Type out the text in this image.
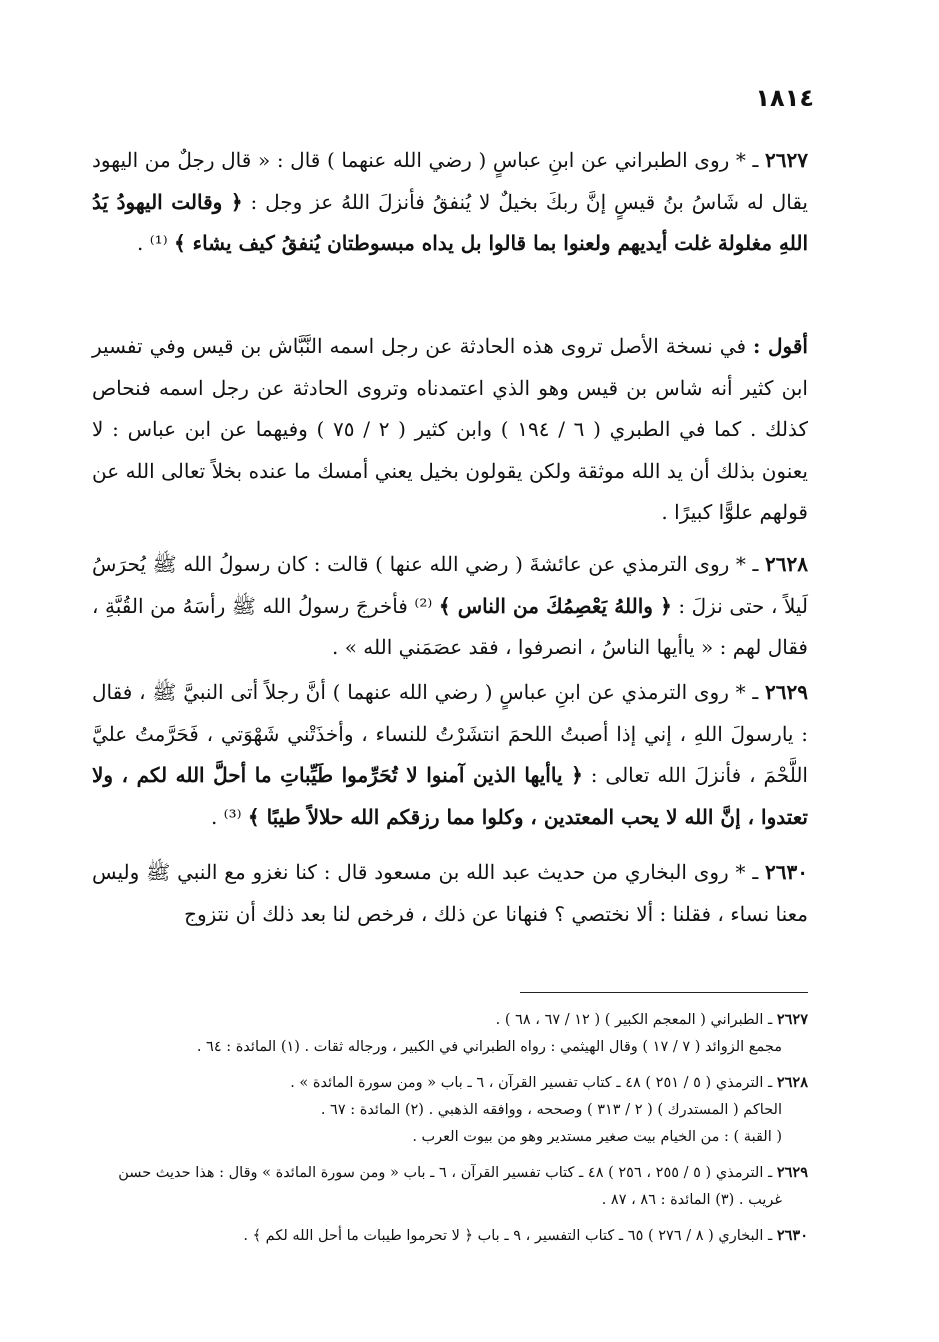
١٨١٤

٢٦٢٧ ـ * روى الطبراني عن ابنِ عباسٍ ( رضي الله عنهما ) قال : « قال رجلٌ من اليهود يقال له شَاسُ بنُ قيسٍ إنَّ ربكَ بخيلٌ لا يُنفقُ فأنزلَ اللهُ عز وجل : ﴿ وقالت اليهودُ يَدُ اللهِ مغلولة غلت أيديهم ولعنوا بما قالوا بل يداه مبسوطتان يُنفقُ كيف يشاء ﴾ ⁽¹⁾ .

أقول : في نسخة الأصل تروى هذه الحادثة عن رجل اسمه النَّبَّاش بن قيس وفي تفسير ابن كثير أنه شاس بن قيس وهو الذي اعتمدناه وتروى الحادثة عن رجل اسمه فنحاص كذلك . كما في الطبري ( ٦ / ١٩٤ ) وابن كثير ( ٢ / ٧٥ ) وفيهما عن ابن عباس : لا يعنون بذلك أن يد الله موثقة ولكن يقولون بخيل يعني أمسك ما عنده بخلاً تعالى الله عن قولهم علوًّا كبيرًا .

٢٦٢٨ ـ * روى الترمذي عن عائشةَ ( رضي الله عنها ) قالت : كان رسولُ الله ﷺ يُحرَسُ لَيلاً ، حتى نزلَ : ﴿ واللهُ يَعْصِمُكَ من الناس ﴾ ⁽²⁾ فأخرجَ رسولُ الله ﷺ رأسَهُ من القُبَّةِ ، فقال لهم : « ياأيها الناسُ ، انصرفوا ، فقد عصَمَني الله » .

٢٦٢٩ ـ * روى الترمذي عن ابنِ عباسٍ ( رضي الله عنهما ) أنَّ رجلاً أتى النبيَّ ﷺ ، فقال : يارسولَ اللهِ ، إني إذا أصبتُ اللحمَ انتشَرْتُ للنساء ، وأخذَتْني شَهْوَتي ، فَحَرَّمتُ عليَّ اللَّحْمَ ، فأنزلَ الله تعالى : ﴿ ياأيها الذين آمنوا لا تُحَرِّموا طَيِّباتِ ما أحلَّ الله لكم ، ولا تعتدوا ، إنَّ الله لا يحب المعتدين ، وكلوا مما رزقكم الله حلالاً طيبًا ﴾ ⁽³⁾ .

٢٦٣٠ ـ * روى البخاري من حديث عبد الله بن مسعود قال : كنا نغزو مع النبي ﷺ وليس معنا نساء ، فقلنا : ألا نختصي ؟ فنهانا عن ذلك ، فرخص لنا بعد ذلك أن نتزوج

٢٦٢٧ ـ الطبراني ( المعجم الكبير ) ( ١٢ / ٦٧ ، ٦٨ ) .
مجمع الزوائد ( ٧ / ١٧ ) وقال الهيثمي : رواه الطبراني في الكبير ، ورجاله ثقات . (١) المائدة : ٦٤ .
٢٦٢٨ ـ الترمذي ( ٥ / ٢٥١ ) ٤٨ ـ كتاب تفسير القرآن ، ٦ ـ باب « ومن سورة المائدة » .
الحاكم ( المستدرك ) ( ٢ / ٣١٣ ) وصححه ، ووافقه الذهبي . (٢) المائدة : ٦٧ .
( القبة ) : من الخيام بيت صغير مستدير وهو من بيوت العرب .
٢٦٢٩ ـ الترمذي ( ٥ / ٢٥٥ ، ٢٥٦ ) ٤٨ ـ كتاب تفسير القرآن ، ٦ ـ باب « ومن سورة المائدة » وقال : هذا حديث حسن
غريب . (٣) المائدة : ٨٦ ، ٨٧ .
٢٦٣٠ ـ البخاري ( ٨ / ٢٧٦ ) ٦٥ ـ كتاب التفسير ، ٩ ـ باب ﴿ لا تحرموا طيبات ما أحل الله لكم ﴾ .
